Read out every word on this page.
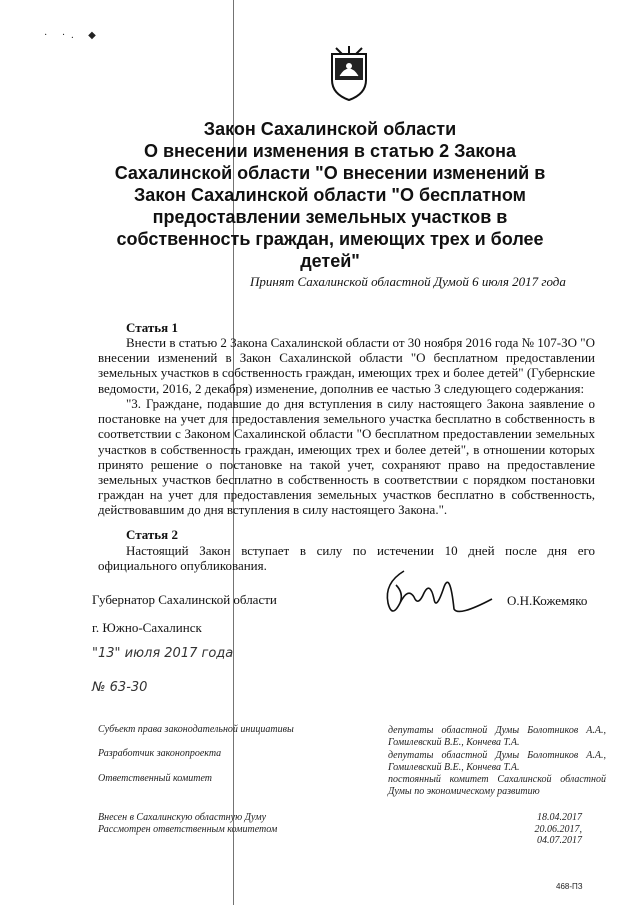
· ·. ◆
Закон Сахалинской области
О внесении изменения в статью 2 Закона Сахалинской области "О внесении изменений в Закон Сахалинской области "О бесплатном предоставлении земельных участков в собственность граждан, имеющих трех и более детей"
Принят Сахалинской областной Думой 6 июля 2017 года
Статья 1
Внести в статью 2 Закона Сахалинской области от 30 ноября 2016 года № 107-ЗО "О внесении изменений в Закон Сахалинской области "О бесплатном предоставлении земельных участков в собственность граждан, имеющих трех и более детей" (Губернские ведомости, 2016, 2 декабря) изменение, дополнив ее частью 3 следующего содержания:
"3. Граждане, подавшие до дня вступления в силу настоящего Закона заявление о постановке на учет для предоставления земельного участка бесплатно в собственность в соответствии с Законом Сахалинской области "О бесплатном предоставлении земельных участков в собственность граждан, имеющих трех и более детей", в отношении которых принято решение о постановке на такой учет, сохраняют право на предоставление земельных участков бесплатно в собственность в соответствии с порядком постановки граждан на учет для предоставления земельных участков бесплатно в собственность, действовавшим до дня вступления в силу настоящего Закона.".
Статья 2
Настоящий Закон вступает в силу по истечении 10 дней после дня его официального опубликования.
Губернатор Сахалинской области	О.Н.Кожемяко
г. Южно-Сахалинск
"13" июля 2017 года
№ 63-30
Субъект права законодательной инициативы
Разработчик законопроекта
Ответственный комитет
Внесен в Сахалинскую областную Думу
Рассмотрен ответственным комитетом
депутаты областной Думы Болотников А.А., Гомилевский В.Е., Кончева Т.А.
депутаты областной Думы Болотников А.А., Гомилевский В.Е., Кончева Т.А.
постоянный комитет Сахалинской областной Думы по экономическому развитию
18.04.2017
20.06.2017,
04.07.2017
468-ПЗ
